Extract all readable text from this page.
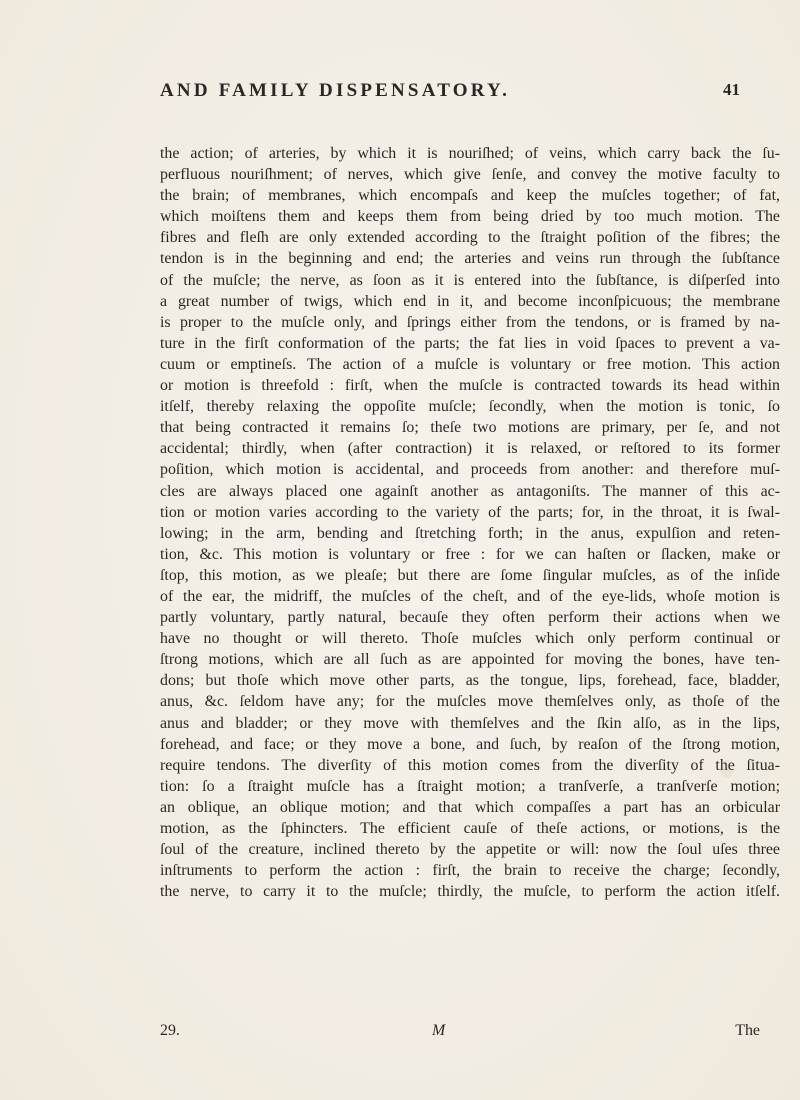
AND FAMILY DISPENSATORY.	41
the action; of arteries, by which it is nouriſhed; of veins, which carry back the ſu-
perfluous nouriſhment; of nerves, which give ſenſe, and convey the motive faculty to
the brain; of membranes, which encompaſs and keep the muſcles together; of fat,
which moiſtens them and keeps them from being dried by too much motion. The
fibres and fleſh are only extended according to the ſtraight poſition of the fibres; the
tendon is in the beginning and end; the arteries and veins run through the ſubſtance
of the muſcle; the nerve, as ſoon as it is entered into the ſubſtance, is diſperſed into
a great number of twigs, which end in it, and become inconſpicuous; the membrane
is proper to the muſcle only, and ſprings either from the tendons, or is framed by na-
ture in the firſt conformation of the parts; the fat lies in void ſpaces to prevent a va-
cuum or emptineſs. The action of a muſcle is voluntary or free motion. This action
or motion is threefold : firſt, when the muſcle is contracted towards its head within
itſelf, thereby relaxing the oppoſite muſcle; ſecondly, when the motion is tonic, ſo
that being contracted it remains ſo; theſe two motions are primary, per ſe, and not
accidental; thirdly, when (after contraction) it is relaxed, or reſtored to its former
poſition, which motion is accidental, and proceeds from another: and therefore muſ-
cles are always placed one againſt another as antagoniſts. The manner of this ac-
tion or motion varies according to the variety of the parts; for, in the throat, it is ſwal-
lowing; in the arm, bending and ſtretching forth; in the anus, expulſion and reten-
tion, &c. This motion is voluntary or free : for we can haſten or ſlacken, make or
ſtop, this motion, as we pleaſe; but there are ſome ſingular muſcles, as of the inſide
of the ear, the midriff, the muſcles of the cheſt, and of the eye-lids, whoſe motion is
partly voluntary, partly natural, becauſe they often perform their actions when we
have no thought or will thereto. Thoſe muſcles which only perform continual or
ſtrong motions, which are all ſuch as are appointed for moving the bones, have ten-
dons; but thoſe which move other parts, as the tongue, lips, forehead, face, bladder,
anus, &c. ſeldom have any; for the muſcles move themſelves only, as thoſe of the
anus and bladder; or they move with themſelves and the ſkin alſo, as in the lips,
forehead, and face; or they move a bone, and ſuch, by reaſon of the ſtrong motion,
require tendons. The diverſity of this motion comes from the diverſity of the ſitua-
tion: ſo a ſtraight muſcle has a ſtraight motion; a tranſverſe, a tranſverſe motion;
an oblique, an oblique motion; and that which compaſſes a part has an orbicular
motion, as the ſphincters. The efficient cauſe of theſe actions, or motions, is the
ſoul of the creature, inclined thereto by the appetite or will: now the ſoul uſes three
inſtruments to perform the action : firſt, the brain to receive the charge; ſecondly,
the nerve, to carry it to the muſcle; thirdly, the muſcle, to perform the action itſelf.
29.	M	The
